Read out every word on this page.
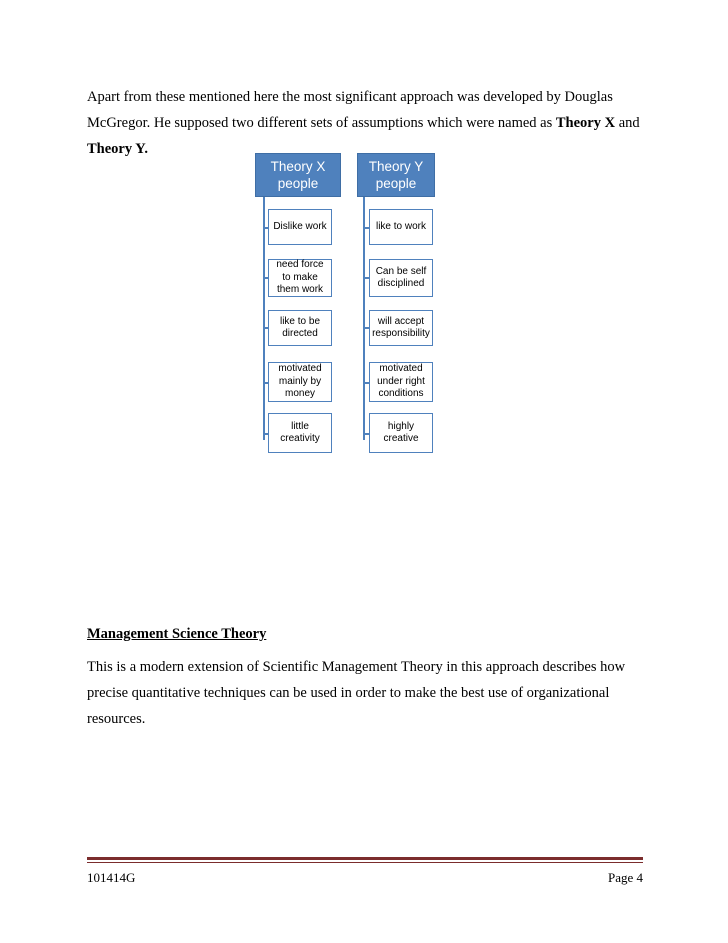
Apart from these mentioned here the most significant approach was developed by Douglas McGregor. He supposed two different sets of assumptions which were named as Theory X and Theory Y.

Theory X people
Dislike work
need force to make them work
like to be directed
motivated mainly by money
little creativity
Theory Y people
like to work
Can be self disciplined
will accept responsibility
motivated under right conditions
highly creative

Management Science Theory

This is a modern extension of Scientific Management Theory in this approach describes how precise quantitative techniques can be used in order to make the best use of organizational resources.

101414G	Page 4
